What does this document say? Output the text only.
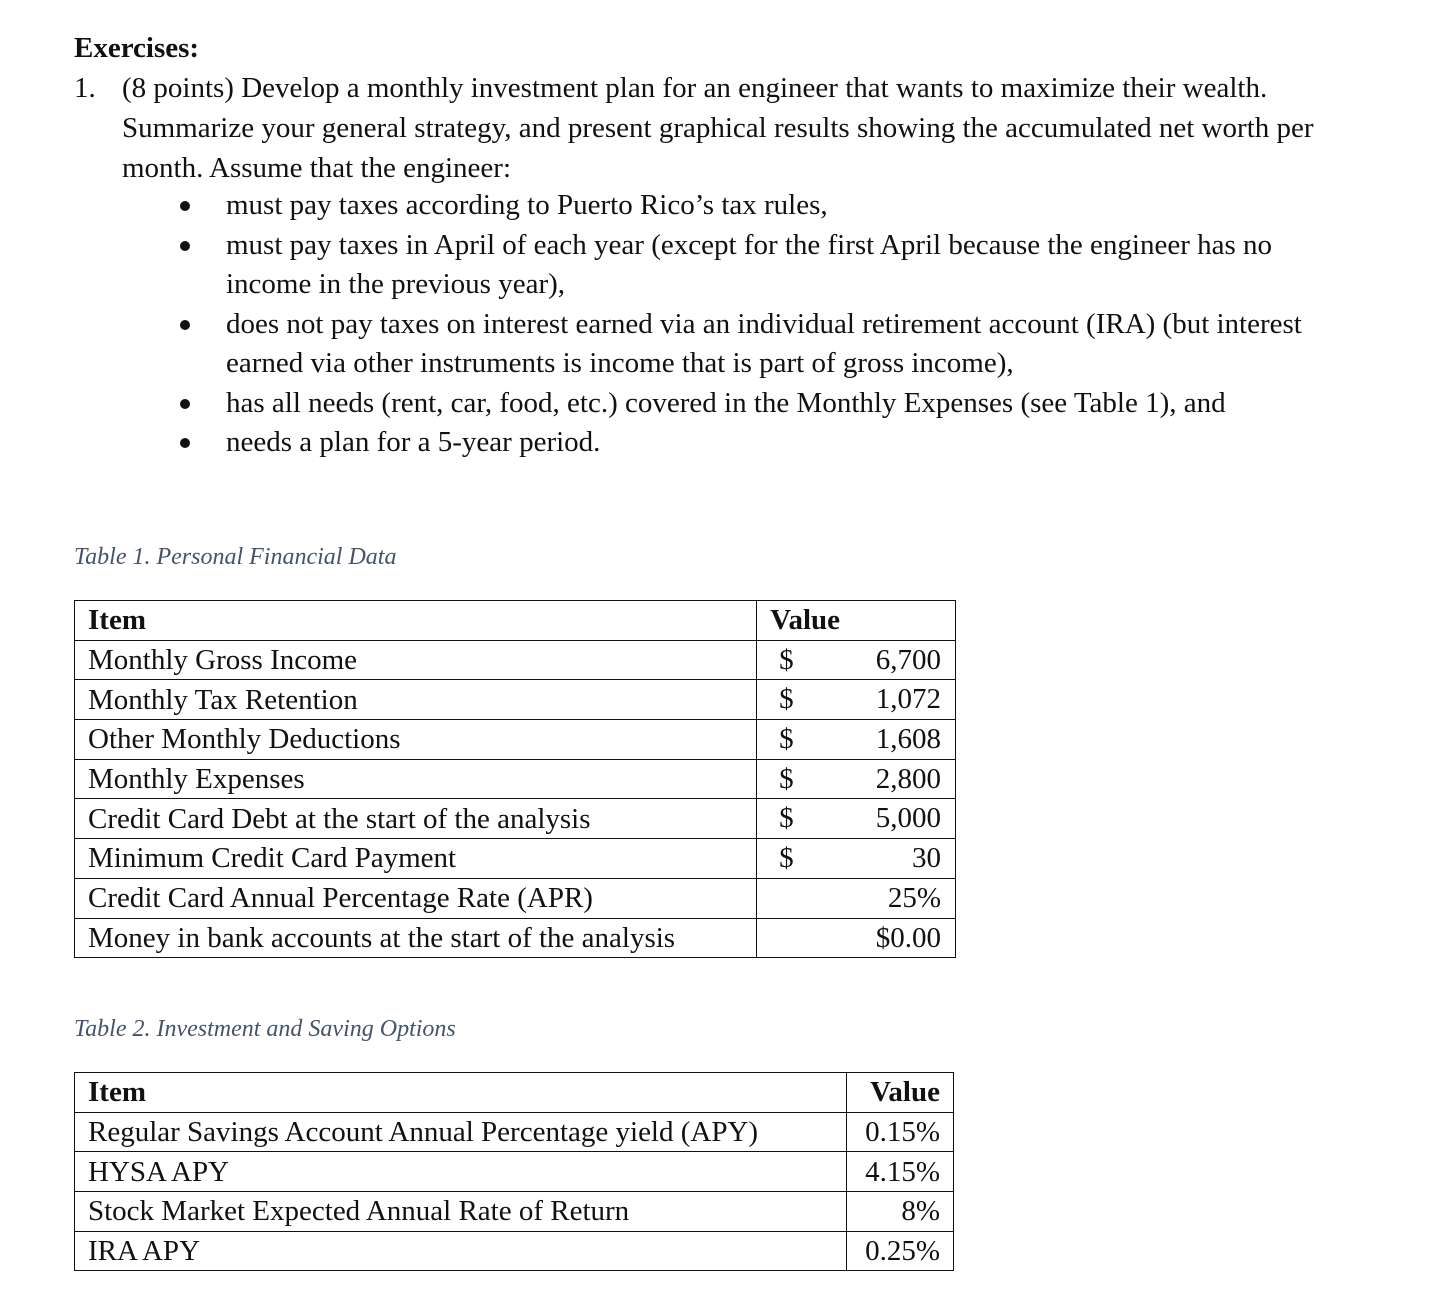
Exercises:
1. (8 points) Develop a monthly investment plan for an engineer that wants to maximize their wealth. Summarize your general strategy, and present graphical results showing the accumulated net worth per month. Assume that the engineer:
must pay taxes according to Puerto Rico’s tax rules,
must pay taxes in April of each year (except for the first April because the engineer has no income in the previous year),
does not pay taxes on interest earned via an individual retirement account (IRA) (but interest earned via other instruments is income that is part of gross income),
has all needs (rent, car, food, etc.) covered in the Monthly Expenses (see Table 1), and
needs a plan for a 5-year period.
Table 1. Personal Financial Data
Item	Value
Monthly Gross Income	$ 6,700

Monthly Tax Retention	$ 1,072

Other Monthly Deductions	$ 1,608

Monthly Expenses	$ 2,800

Credit Card Debt at the start of the analysis	$ 5,000

Minimum Credit Card Payment	$ 30

Credit Card Annual Percentage Rate (APR)	25%

Money in bank accounts at the start of the analysis	$0.00
Table 2. Investment and Saving Options
Item	Value
Regular Savings Account Annual Percentage yield (APY)	0.15%
HYSA APY	4.15%
Stock Market Expected Annual Rate of Return	8%
IRA APY	0.25%
